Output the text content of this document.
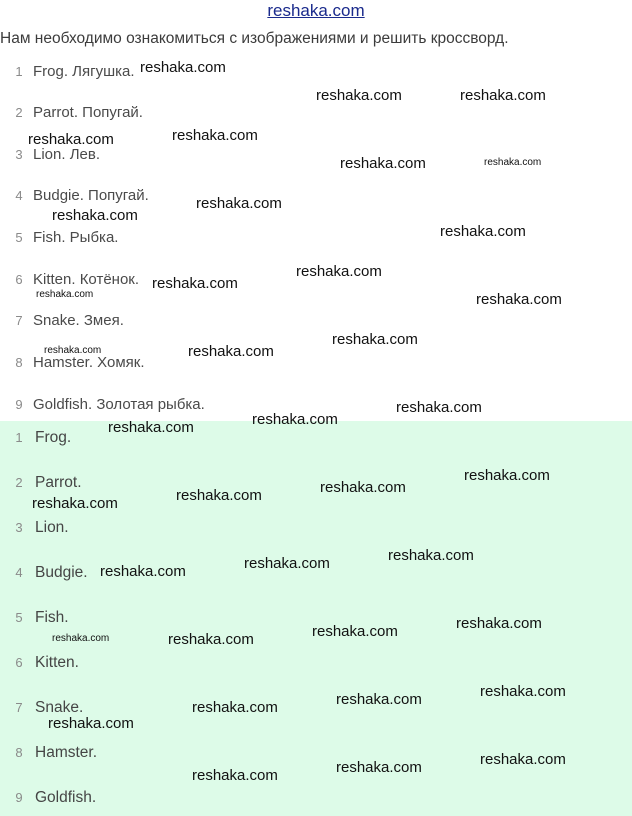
reshaka.com
Нам необходимо ознакомиться с изображениями и решить кроссворд.
1 Frog. Лягушка.
2 Parrot. Попугай.
3 Lion. Лев.
4 Budgie. Попугай.
5 Fish. Рыбка.
6 Kitten. Котёнок.
7 Snake. Змея.
8 Hamster. Хомяк.
9 Goldfish. Золотая рыбка.
1 Frog.
2 Parrot.
3 Lion.
4 Budgie.
5 Fish.
6 Kitten.
7 Snake.
8 Hamster.
9 Goldfish.
reshaka.com
reshaka.com	reshaka.com
reshaka.com	reshaka.com
reshaka.com	reshaka.com
reshaka.com
reshaka.com
reshaka.com
reshaka.com
reshaka.com
reshaka.com	reshaka.com
reshaka.com
reshaka.com	reshaka.com
reshaka.com
reshaka.com
reshaka.com
reshaka.com
reshaka.com
reshaka.com
reshaka.com
reshaka.com
reshaka.com
reshaka.com
reshaka.com
reshaka.com
reshaka.com
reshaka.com
reshaka.com
reshaka.com
reshaka.com
reshaka.com
reshaka.com
reshaka.com
reshaka.com
